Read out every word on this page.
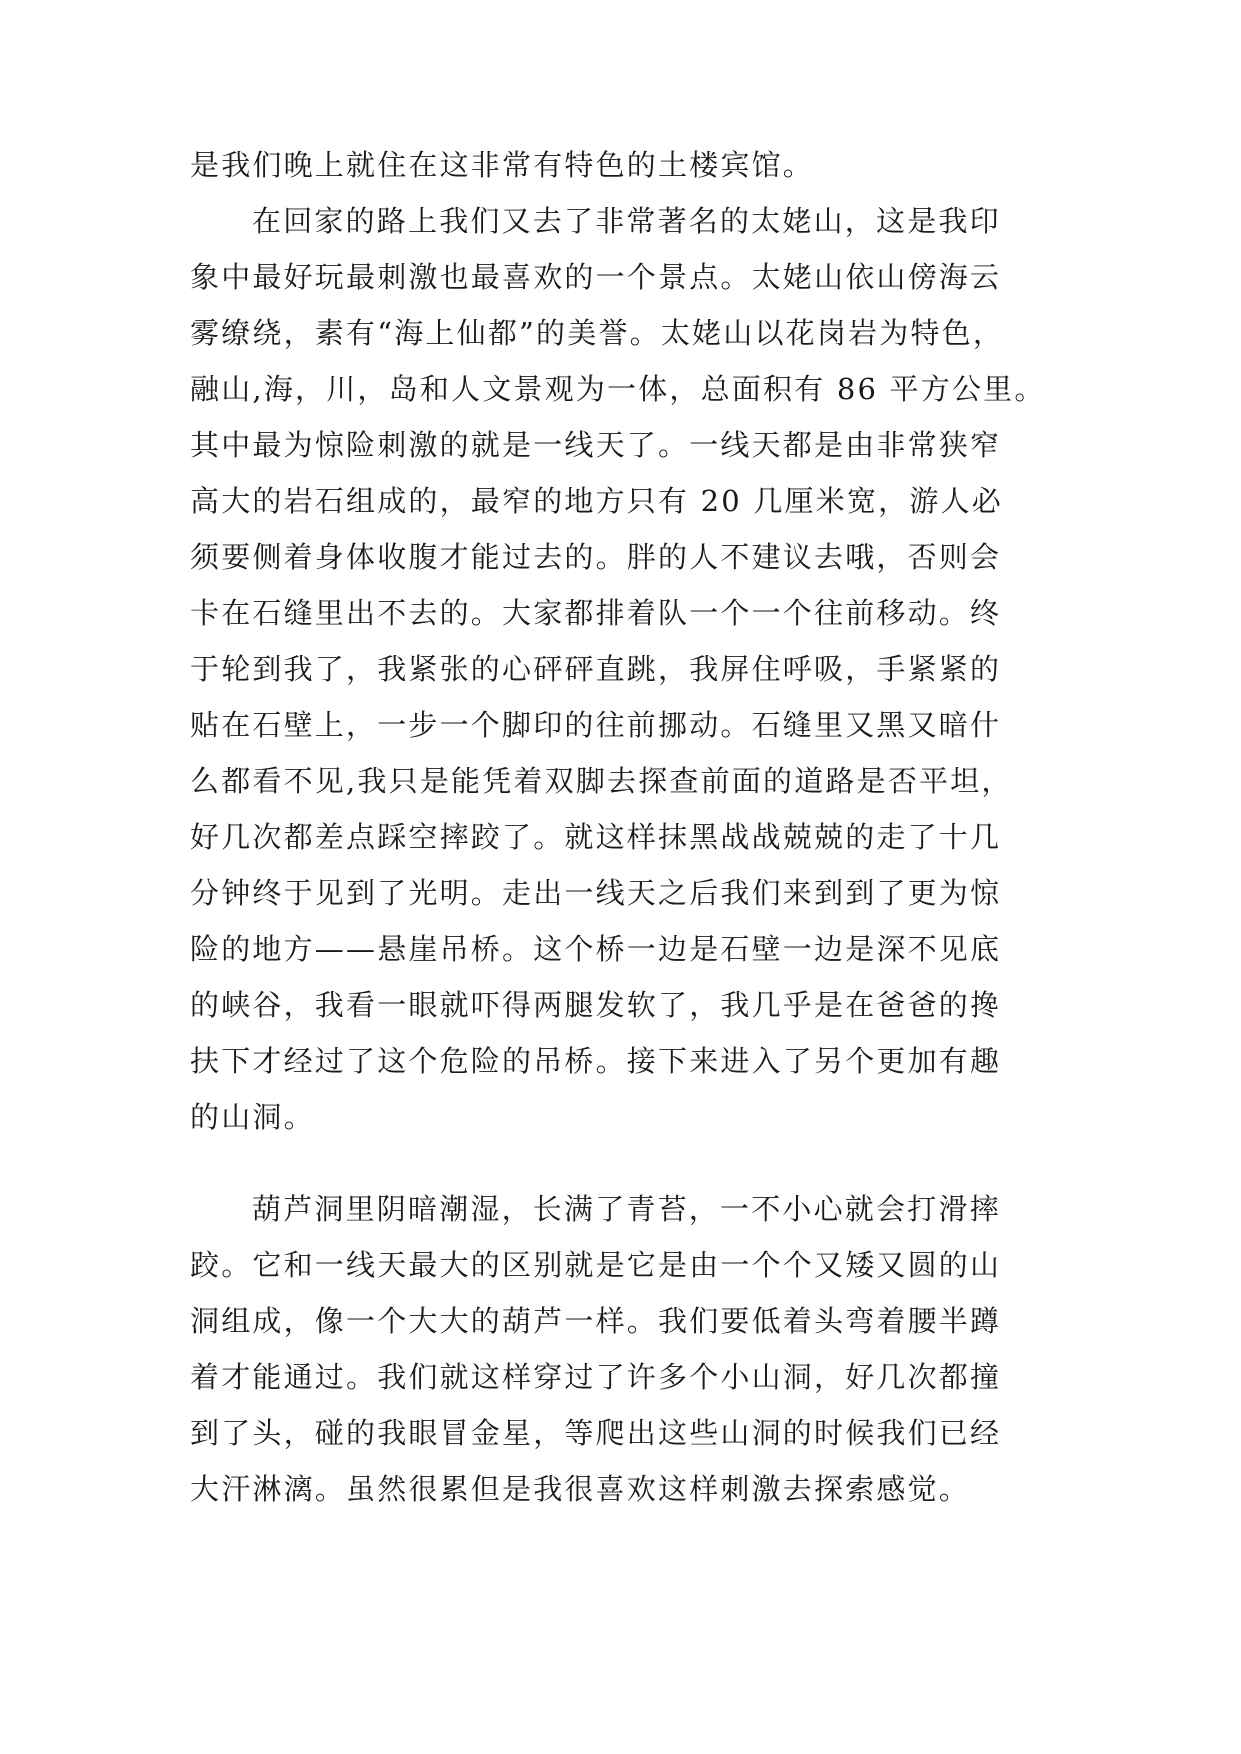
是我们晚上就住在这非常有特色的土楼宾馆。
在回家的路上我们又去了非常著名的太姥山，这是我印
象中最好玩最刺激也最喜欢的一个景点。太姥山依山傍海云
雾缭绕，素有“海上仙都”的美誉。太姥山以花岗岩为特色，
融山,海，川，岛和人文景观为一体，总面积有 86 平方公里。
其中最为惊险刺激的就是一线天了。一线天都是由非常狭窄
高大的岩石组成的，最窄的地方只有 20 几厘米宽，游人必
须要侧着身体收腹才能过去的。胖的人不建议去哦，否则会
卡在石缝里出不去的。大家都排着队一个一个往前移动。终
于轮到我了，我紧张的心砰砰直跳，我屏住呼吸，手紧紧的
贴在石壁上，一步一个脚印的往前挪动。石缝里又黑又暗什
么都看不见,我只是能凭着双脚去探查前面的道路是否平坦，
好几次都差点踩空摔跤了。就这样抹黑战战兢兢的走了十几
分钟终于见到了光明。走出一线天之后我们来到到了更为惊
险的地方——悬崖吊桥。这个桥一边是石壁一边是深不见底
的峡谷，我看一眼就吓得两腿发软了，我几乎是在爸爸的搀
扶下才经过了这个危险的吊桥。接下来进入了另个更加有趣
的山洞。
葫芦洞里阴暗潮湿，长满了青苔，一不小心就会打滑摔
跤。它和一线天最大的区别就是它是由一个个又矮又圆的山
洞组成，像一个大大的葫芦一样。我们要低着头弯着腰半蹲
着才能通过。我们就这样穿过了许多个小山洞，好几次都撞
到了头，碰的我眼冒金星，等爬出这些山洞的时候我们已经
大汗淋漓。虽然很累但是我很喜欢这样刺激去探索感觉。
